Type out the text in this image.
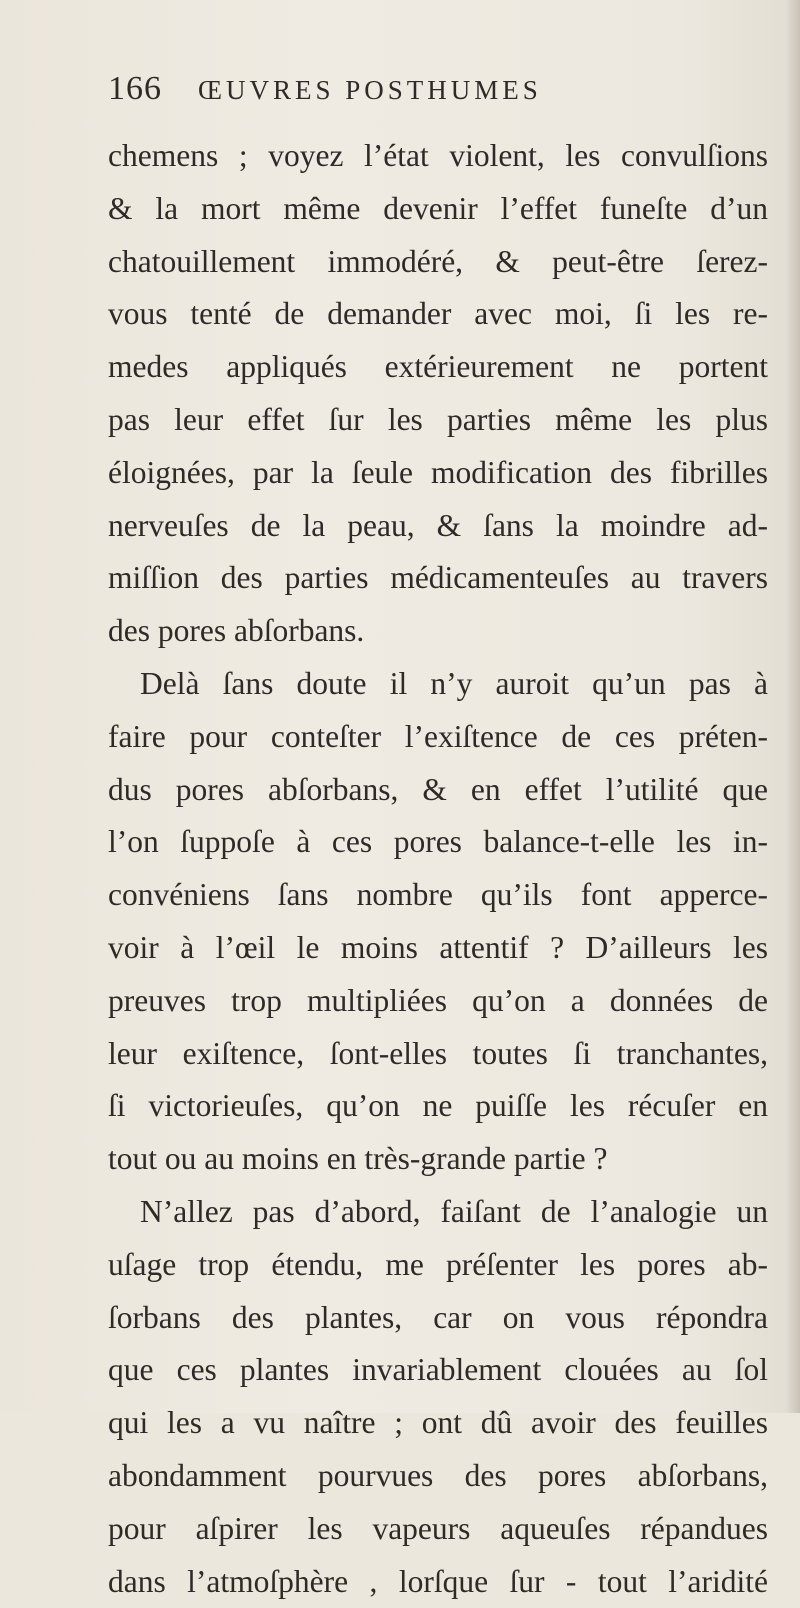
166	ŒUVRES POSTHUMES
chemens ; voyez l’état violent, les convulſions
& la mort même devenir l’effet funeſte d’un
chatouillement immodéré, & peut-être ſerez-
vous tenté de demander avec moi, ſi les re-
medes appliqués extérieurement ne portent
pas leur effet ſur les parties même les plus
éloignées, par la ſeule modification des fibrilles
nerveuſes de la peau, & ſans la moindre ad-
miſſion des parties médicamenteuſes au travers
des pores abſorbans.
Delà ſans doute il n’y auroit qu’un pas à
faire pour conteſter l’exiſtence de ces préten-
dus pores abſorbans, & en effet l’utilité que
l’on ſuppoſe à ces pores balance-t-elle les in-
convéniens ſans nombre qu’ils font apperce-
voir à l’œil le moins attentif ? D’ailleurs les
preuves trop multipliées qu’on a données de
leur exiſtence, ſont-elles toutes ſi tranchantes,
ſi victorieuſes, qu’on ne puiſſe les récuſer en
tout ou au moins en très-grande partie ?
N’allez pas d’abord, faiſant de l’analogie un
uſage trop étendu, me préſenter les pores ab-
ſorbans des plantes, car on vous répondra
que ces plantes invariablement clouées au ſol
qui les a vu naître ; ont dû avoir des feuilles
abondamment pourvues des pores abſorbans,
pour aſpirer les vapeurs aqueuſes répandues
dans l’atmoſphère , lorſque ſur - tout l’aridité
